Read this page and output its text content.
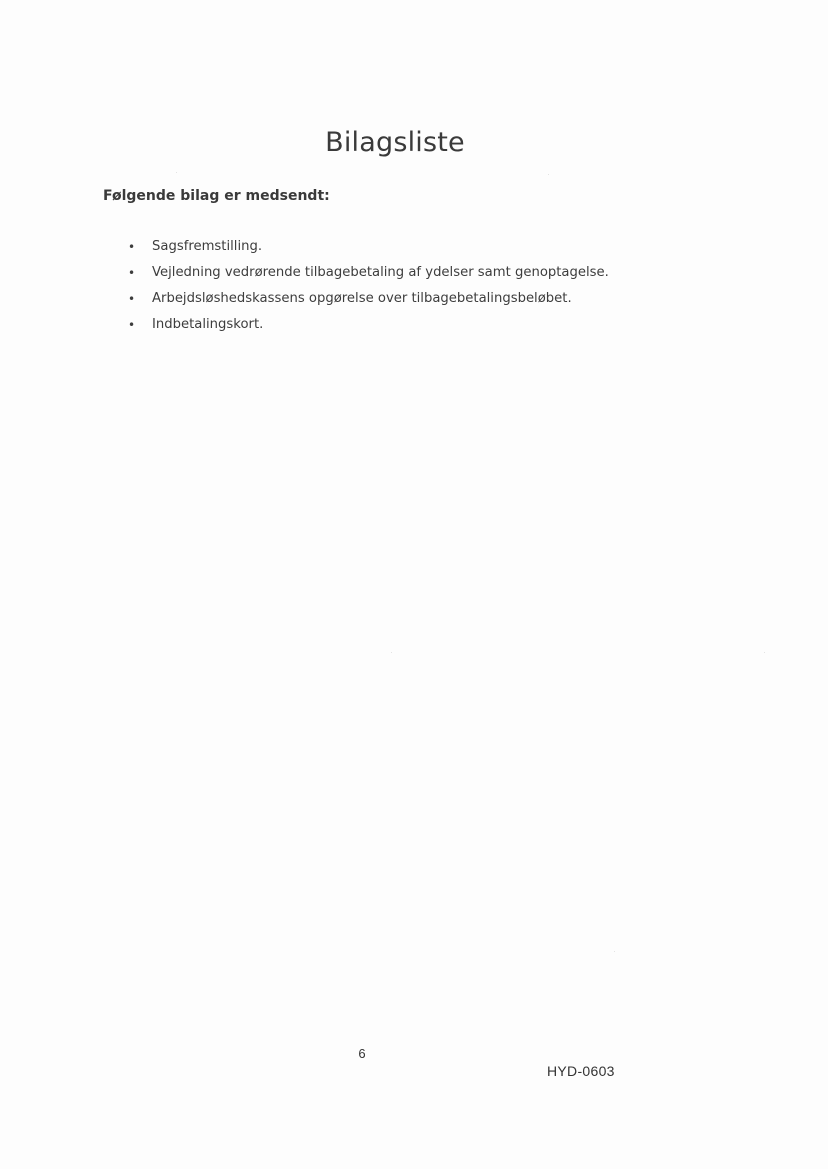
Bilagsliste

Følgende bilag er medsendt:

• Sagsfremstilling.
• Vejledning vedrørende tilbagebetaling af ydelser samt genoptagelse.
• Arbejdsløshedskassens opgørelse over tilbagebetalingsbeløbet.
• Indbetalingskort.
6
HYD-0603
